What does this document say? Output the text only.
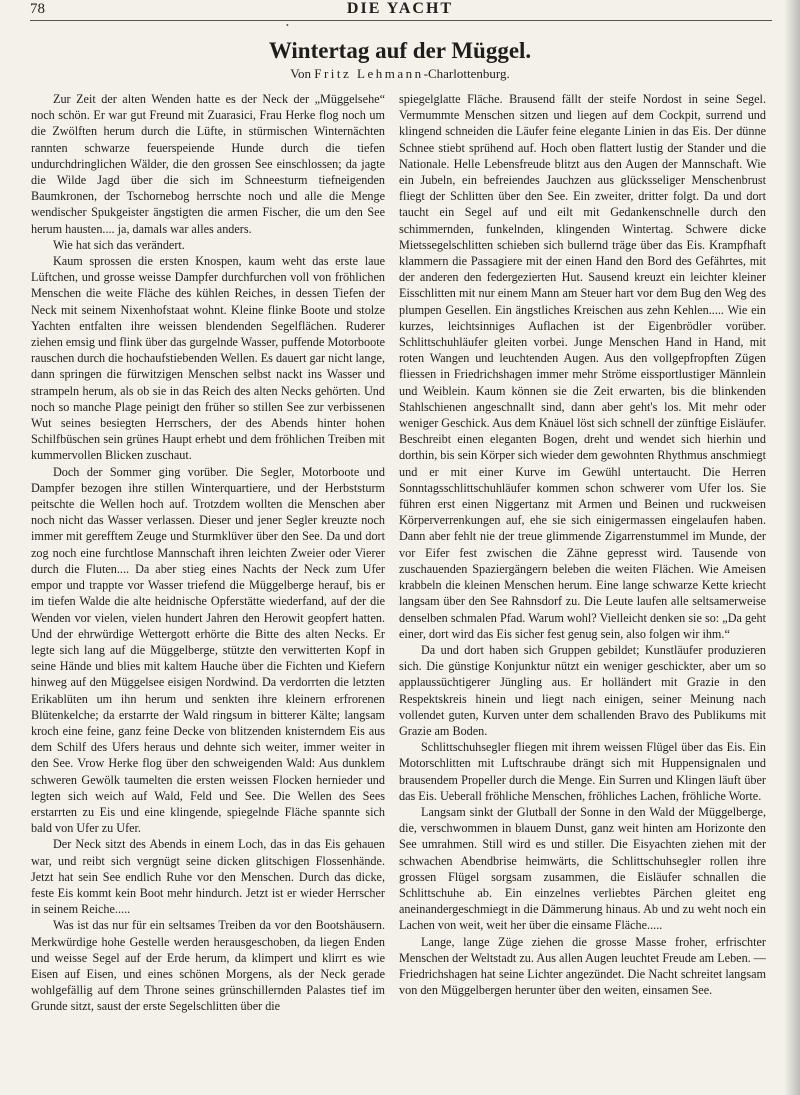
78	DIE YACHT
•
Wintertag auf der Müggel.
Von Fritz Lehmann-Charlottenburg.

Zur Zeit der alten Wenden hatte es der Neck der „Müggelsehe“ noch schön. Er war gut Freund mit Zuarasici, Frau Herke flog noch um die Zwölften herum durch die Lüfte, in stürmischen Winternächten rannten schwarze feuerspeiende Hunde durch die tiefen undurchdringlichen Wälder, die den grossen See einschlossen; da jagte die Wilde Jagd über die sich im Schneesturm tiefneigenden Baumkronen, der Tschornebog herrschte noch und alle die Menge wendischer Spukgeister ängstigten die armen Fischer, die um den See herum hausten.... ja, damals war alles anders.

Wie hat sich das verändert.

Kaum sprossen die ersten Knospen, kaum weht das erste laue Lüftchen, und grosse weisse Dampfer durchfurchen voll von fröhlichen Menschen die weite Fläche des kühlen Reiches, in dessen Tiefen der Neck mit seinem Nixenhofstaat wohnt. Kleine flinke Boote und stolze Yachten entfalten ihre weissen blendenden Segelflächen. Ruderer ziehen emsig und flink über das gurgelnde Wasser, puffende Motorboote rauschen durch die hochaufstiebenden Wellen. Es dauert gar nicht lange, dann springen die fürwitzigen Menschen selbst nackt ins Wasser und strampeln herum, als ob sie in das Reich des alten Necks gehörten. Und noch so manche Plage peinigt den früher so stillen See zur verbissenen Wut seines besiegten Herrschers, der des Abends hinter hohen Schilfbüschen sein grünes Haupt erhebt und dem fröhlichen Treiben mit kummervollen Blicken zuschaut.

Doch der Sommer ging vorüber. Die Segler, Motorboote und Dampfer bezogen ihre stillen Winterquartiere, und der Herbststurm peitschte die Wellen hoch auf. Trotzdem wollten die Menschen aber noch nicht das Wasser verlassen. Dieser und jener Segler kreuzte noch immer mit gerefftem Zeuge und Sturmklüver über den See. Da und dort zog noch eine furchtlose Mannschaft ihren leichten Zweier oder Vierer durch die Fluten.... Da aber stieg eines Nachts der Neck zum Ufer empor und trappte vor Wasser triefend die Müggelberge herauf, bis er im tiefen Walde die alte heidnische Opferstätte wiederfand, auf der die Wenden vor vielen, vielen hundert Jahren den Herowit geopfert hatten. Und der ehrwürdige Wettergott erhörte die Bitte des alten Necks. Er legte sich lang auf die Müggelberge, stützte den verwitterten Kopf in seine Hände und blies mit kaltem Hauche über die Fichten und Kiefern hinweg auf den Müggelsee eisigen Nordwind. Da verdorrten die letzten Erikablüten um ihn herum und senkten ihre kleinern erfrorenen Blütenkelche; da erstarrte der Wald ringsum in bitterer Kälte; langsam kroch eine feine, ganz feine Decke von blitzenden knisterndem Eis aus dem Schilf des Ufers heraus und dehnte sich weiter, immer weiter in den See. Vrow Herke flog über den schweigenden Wald: Aus dunklem schweren Gewölk taumelten die ersten weissen Flocken hernieder und legten sich weich auf Wald, Feld und See. Die Wellen des Sees erstarrten zu Eis und eine klingende, spiegelnde Fläche spannte sich bald von Ufer zu Ufer.

Der Neck sitzt des Abends in einem Loch, das in das Eis gehauen war, und reibt sich vergnügt seine dicken glitschigen Flossenhände. Jetzt hat sein See endlich Ruhe vor den Menschen. Durch das dicke, feste Eis kommt kein Boot mehr hindurch. Jetzt ist er wieder Herrscher in seinem Reiche.....

Was ist das nur für ein seltsames Treiben da vor den Bootshäusern. Merkwürdige hohe Gestelle werden herausgeschoben, da liegen Enden und weisse Segel auf der Erde herum, da klimpert und klirrt es wie Eisen auf Eisen, und eines schönen Morgens, als der Neck gerade wohlgefällig auf dem Throne seines grünschillernden Palastes tief im Grunde sitzt, saust der erste Segelschlitten über die

spiegelglatte Fläche. Brausend fällt der steife Nordost in seine Segel. Vermummte Menschen sitzen und liegen auf dem Cockpit, surrend und klingend schneiden die Läufer feine elegante Linien in das Eis. Der dünne Schnee stiebt sprühend auf. Hoch oben flattert lustig der Stander und die Nationale. Helle Lebensfreude blitzt aus den Augen der Mannschaft. Wie ein Jubeln, ein befreiendes Jauchzen aus glücksseliger Menschenbrust fliegt der Schlitten über den See. Ein zweiter, dritter folgt. Da und dort taucht ein Segel auf und eilt mit Gedankenschnelle durch den schimmernden, funkelnden, klingenden Wintertag. Schwere dicke Mietssegelschlitten schieben sich bullernd träge über das Eis. Krampfhaft klammern die Passagiere mit der einen Hand den Bord des Gefährtes, mit der anderen den federgezierten Hut. Sausend kreuzt ein leichter kleiner Eisschlitten mit nur einem Mann am Steuer hart vor dem Bug den Weg des plumpen Gesellen. Ein ängstliches Kreischen aus zehn Kehlen..... Wie ein kurzes, leichtsinniges Auflachen ist der Eigenbrödler vorüber. Schlittschuhläufer gleiten vorbei. Junge Menschen Hand in Hand, mit roten Wangen und leuchtenden Augen. Aus den vollgepfropften Zügen fliessen in Friedrichshagen immer mehr Ströme eissportlustiger Männlein und Weiblein. Kaum können sie die Zeit erwarten, bis die blinkenden Stahlschienen angeschnallt sind, dann aber geht's los. Mit mehr oder weniger Geschick. Aus dem Knäuel löst sich schnell der zünftige Eisläufer. Beschreibt einen eleganten Bogen, dreht und wendet sich hierhin und dorthin, bis sein Körper sich wieder dem gewohnten Rhythmus anschmiegt und er mit einer Kurve im Gewühl untertaucht. Die Herren Sonntagsschlittschuhläufer kommen schon schwerer vom Ufer los. Sie führen erst einen Niggertanz mit Armen und Beinen und ruckweisen Körperverrenkungen auf, ehe sie sich einigermassen eingelaufen haben. Dann aber fehlt nie der treue glimmende Zigarrenstummel im Munde, der vor Eifer fest zwischen die Zähne gepresst wird. Tausende von zuschauenden Spaziergängern beleben die weiten Flächen. Wie Ameisen krabbeln die kleinen Menschen herum. Eine lange schwarze Kette kriecht langsam über den See Rahnsdorf zu. Die Leute laufen alle seltsamerweise denselben schmalen Pfad. Warum wohl? Vielleicht denken sie so: „Da geht einer, dort wird das Eis sicher fest genug sein, also folgen wir ihm.“

Da und dort haben sich Gruppen gebildet; Kunstläufer produzieren sich. Die günstige Konjunktur nützt ein weniger geschickter, aber um so applaussüchtigerer Jüngling aus. Er holländert mit Grazie in den Respektskreis hinein und liegt nach einigen, seiner Meinung nach vollendet guten, Kurven unter dem schallenden Bravo des Publikums mit Grazie am Boden.

Schlittschuhsegler fliegen mit ihrem weissen Flügel über das Eis. Ein Motorschlitten mit Luftschraube drängt sich mit Huppensignalen und brausendem Propeller durch die Menge. Ein Surren und Klingen läuft über das Eis. Ueberall fröhliche Menschen, fröhliches Lachen, fröhliche Worte.

Langsam sinkt der Glutball der Sonne in den Wald der Müggelberge, die, verschwommen in blauem Dunst, ganz weit hinten am Horizonte den See umrahmen. Still wird es und stiller. Die Eisyachten ziehen mit der schwachen Abendbrise heimwärts, die Schlittschuhsegler rollen ihre grossen Flügel sorgsam zusammen, die Eisläufer schnallen die Schlittschuhe ab. Ein einzelnes verliebtes Pärchen gleitet eng aneinandergeschmiegt in die Dämmerung hinaus. Ab und zu weht noch ein Lachen von weit, weit her über die einsame Fläche.....

Lange, lange Züge ziehen die grosse Masse froher, erfrischter Menschen der Weltstadt zu. Aus allen Augen leuchtet Freude am Leben. — Friedrichshagen hat seine Lichter angezündet. Die Nacht schreitet langsam von den Müggelbergen herunter über den weiten, einsamen See.
